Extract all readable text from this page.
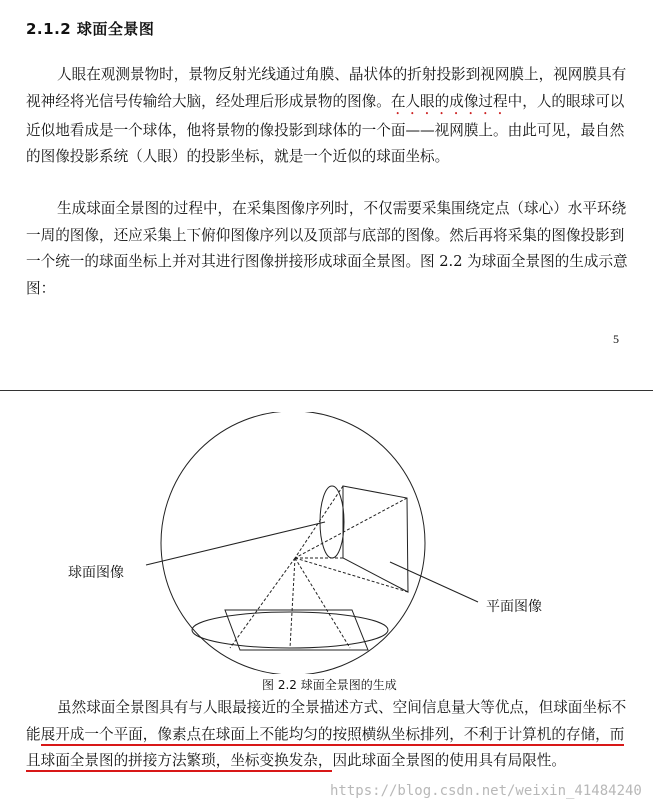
2.1.2 球面全景图

人眼在观测景物时，景物反射光线通过角膜、晶状体的折射投影到视网膜上，视网膜具有视神经将光信号传输给大脑，经处理后形成景物的图像。在人眼的成像过程中，人的眼球可以近似地看成是一个球体，他将景物的像投影到球体的一个面——视网膜上。由此可见，最自然的图像投影系统（人眼）的投影坐标，就是一个近似的球面坐标。

生成球面全景图的过程中，在采集图像序列时，不仅需要采集围绕定点（球心）水平环绕一周的图像，还应采集上下俯仰图像序列以及顶部与底部的图像。然后再将采集的图像投影到一个统一的球面坐标上并对其进行图像拼接形成球面全景图。图 2.2 为球面全景图的生成示意图：

5
球面图像
平面图像
图 2.2 球面全景图的生成

虽然球面全景图具有与人眼最接近的全景描述方式、空间信息量大等优点，但球面坐标不能展开成一个平面，像素点在球面上不能均匀的按照横纵坐标排列，不利于计算机的存储，而且球面全景图的拼接方法繁琐，坐标变换发杂，因此球面全景图的使用具有局限性。

https://blog.csdn.net/weixin_41484240
